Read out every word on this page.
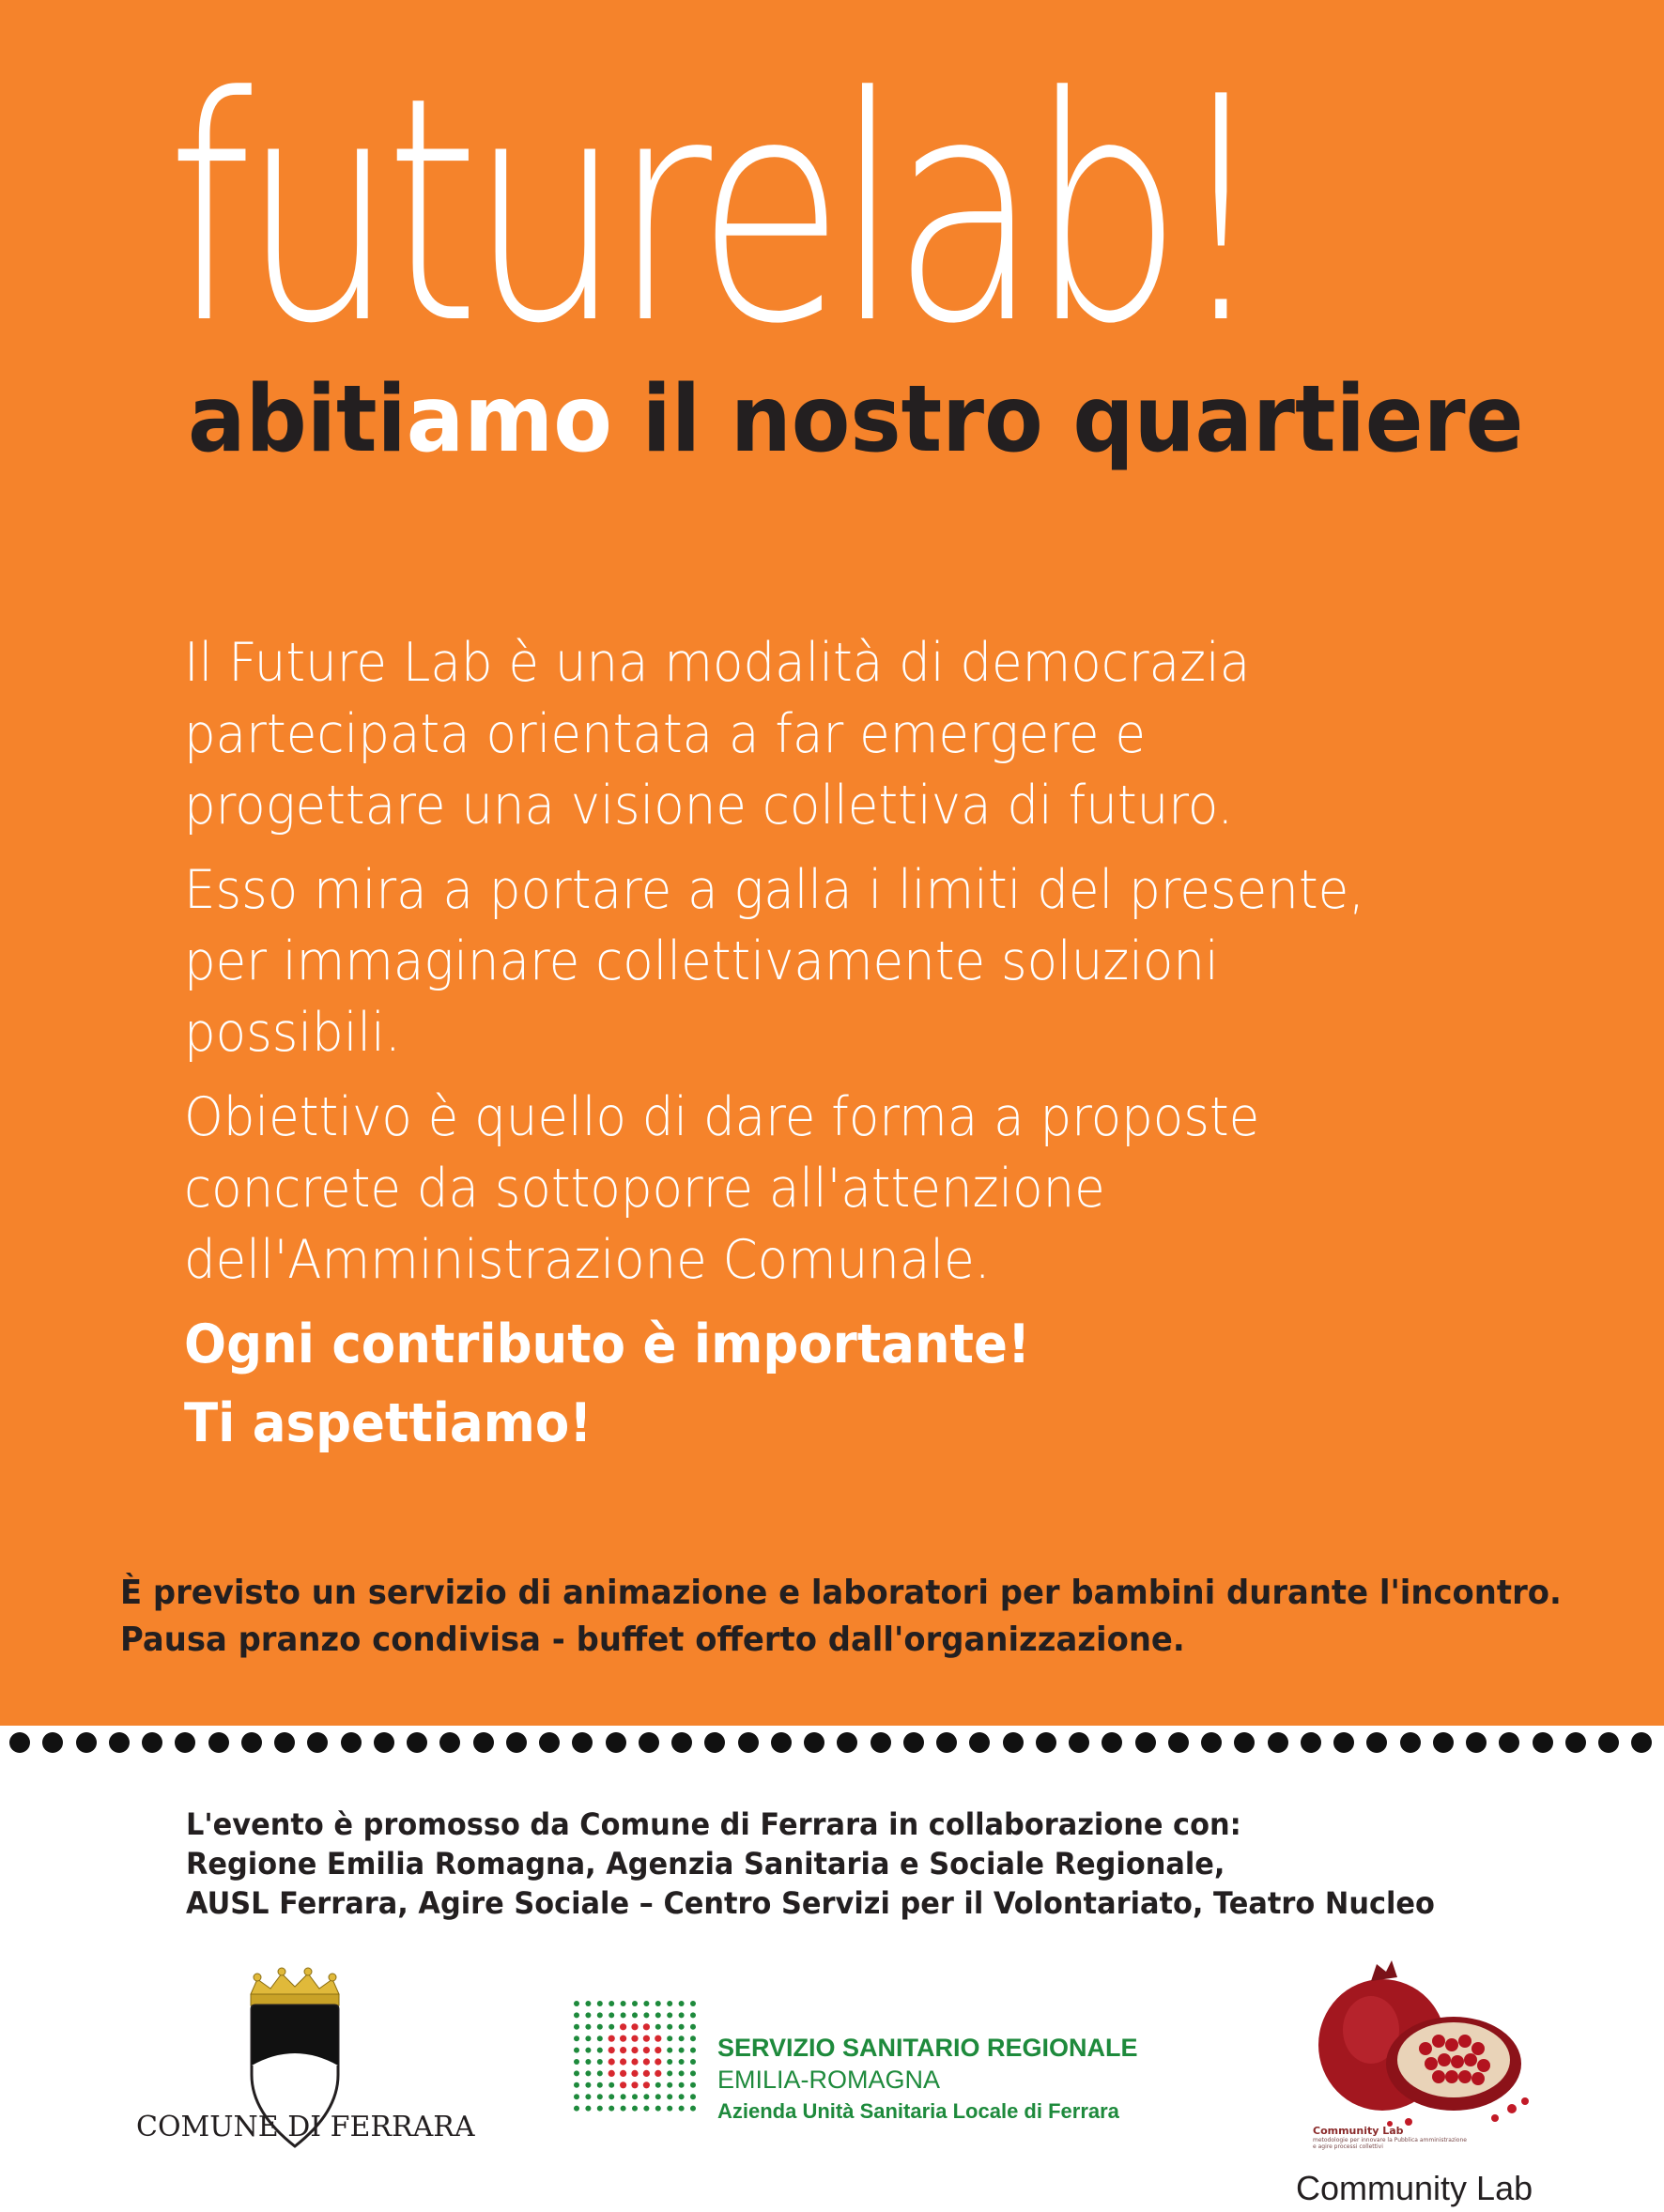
futurelab!
abitiamo il nostro quartiere

Il Future Lab è una modalità di democrazia
partecipata orientata a far emergere e
progettare una visione collettiva di futuro.

Esso mira a portare a galla i limiti del presente,
per immaginare collettivamente soluzioni
possibili.

Obiettivo è quello di dare forma a proposte
concrete da sottoporre all'attenzione
dell'Amministrazione Comunale.

Ogni contributo è importante!

Ti aspettiamo!

È previsto un servizio di animazione e laboratori per bambini durante l'incontro.
Pausa pranzo condivisa - buffet offerto dall'organizzazione.
L'evento è promosso da Comune di Ferrara in collaborazione con:
Regione Emilia Romagna, Agenzia Sanitaria e Sociale Regionale,
AUSL Ferrara, Agire Sociale – Centro Servizi per il Volontariato, Teatro Nucleo
COMUNE DI FERRARA
SERVIZIO SANITARIO REGIONALE
EMILIA-ROMAGNA
Azienda Unità Sanitaria Locale di Ferrara
Community Lab
metodologie per innovare la Pubblica amministrazione
e agire processi collettivi
Community Lab
